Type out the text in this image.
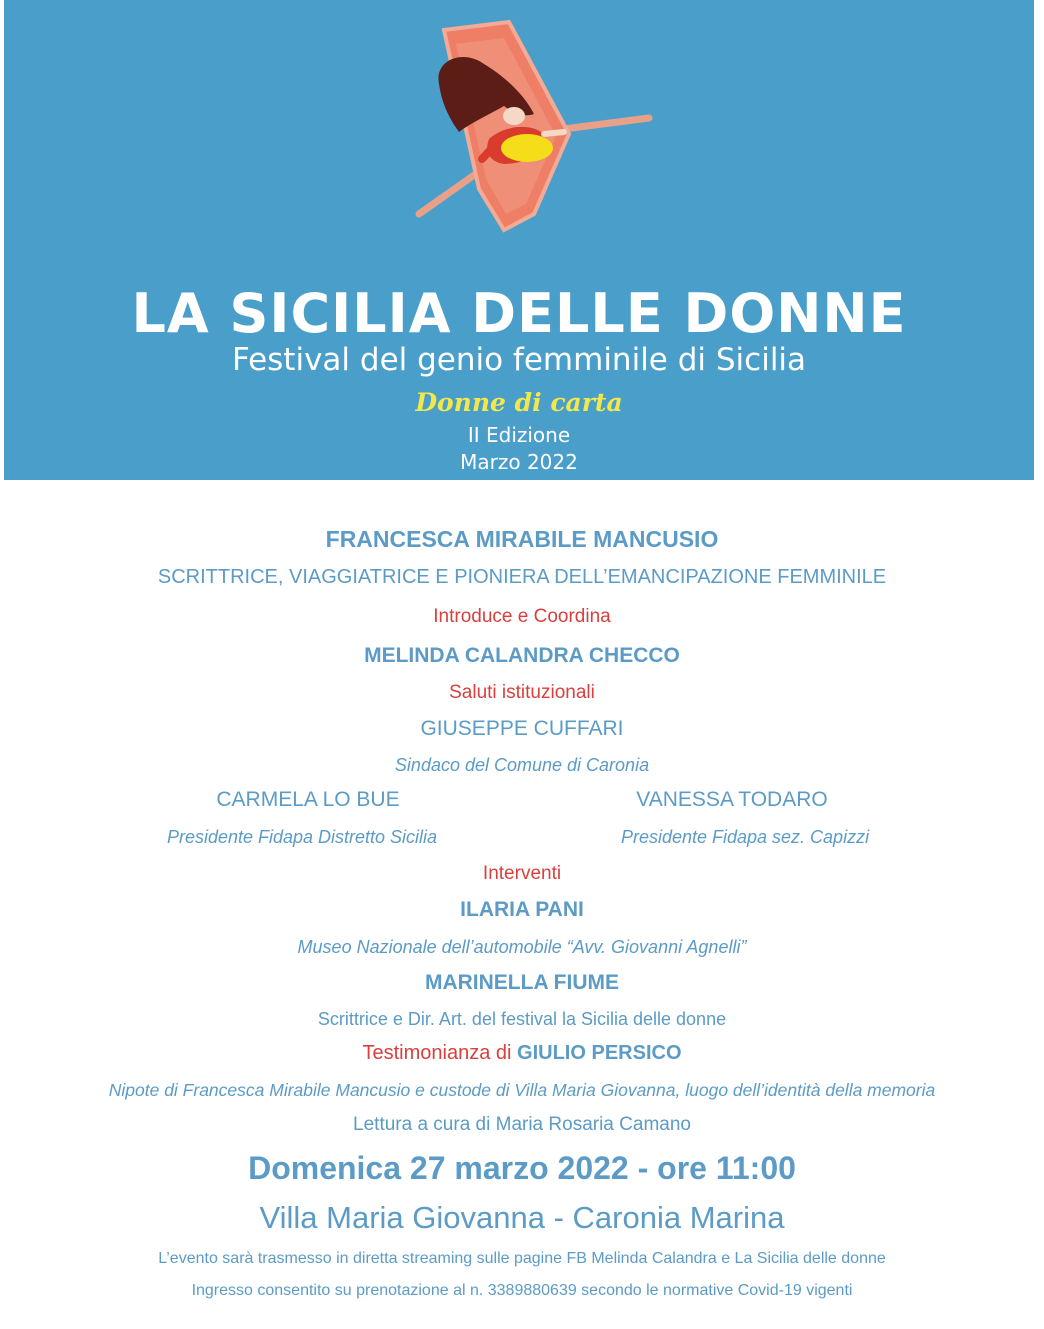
LA SICILIA DELLE DONNE
Festival del genio femminile di Sicilia
Donne di carta
II Edizione
Marzo 2022
FRANCESCA MIRABILE MANCUSIO
SCRITTRICE, VIAGGIATRICE E PIONIERA DELL’EMANCIPAZIONE FEMMINILE
Introduce e Coordina
MELINDA CALANDRA CHECCO
Saluti istituzionali
GIUSEPPE CUFFARI
Sindaco del Comune di Caronia
CARMELA LO BUE	VANESSA TODARO
Presidente Fidapa Distretto Sicilia	Presidente Fidapa sez. Capizzi
Interventi
ILARIA PANI
Museo Nazionale dell’automobile “Avv. Giovanni Agnelli”
MARINELLA FIUME
Scrittrice e Dir. Art. del festival la Sicilia delle donne
Testimonianza di GIULIO PERSICO
Nipote di Francesca Mirabile Mancusio e custode di Villa Maria Giovanna, luogo dell’identità della memoria
Lettura a cura di Maria Rosaria Camano
Domenica 27 marzo 2022 - ore 11:00
Villa Maria Giovanna - Caronia Marina
L’evento sarà trasmesso in diretta streaming sulle pagine FB Melinda Calandra e La Sicilia delle donne
Ingresso consentito su prenotazione al n. 3389880639 secondo le normative Covid-19 vigenti
